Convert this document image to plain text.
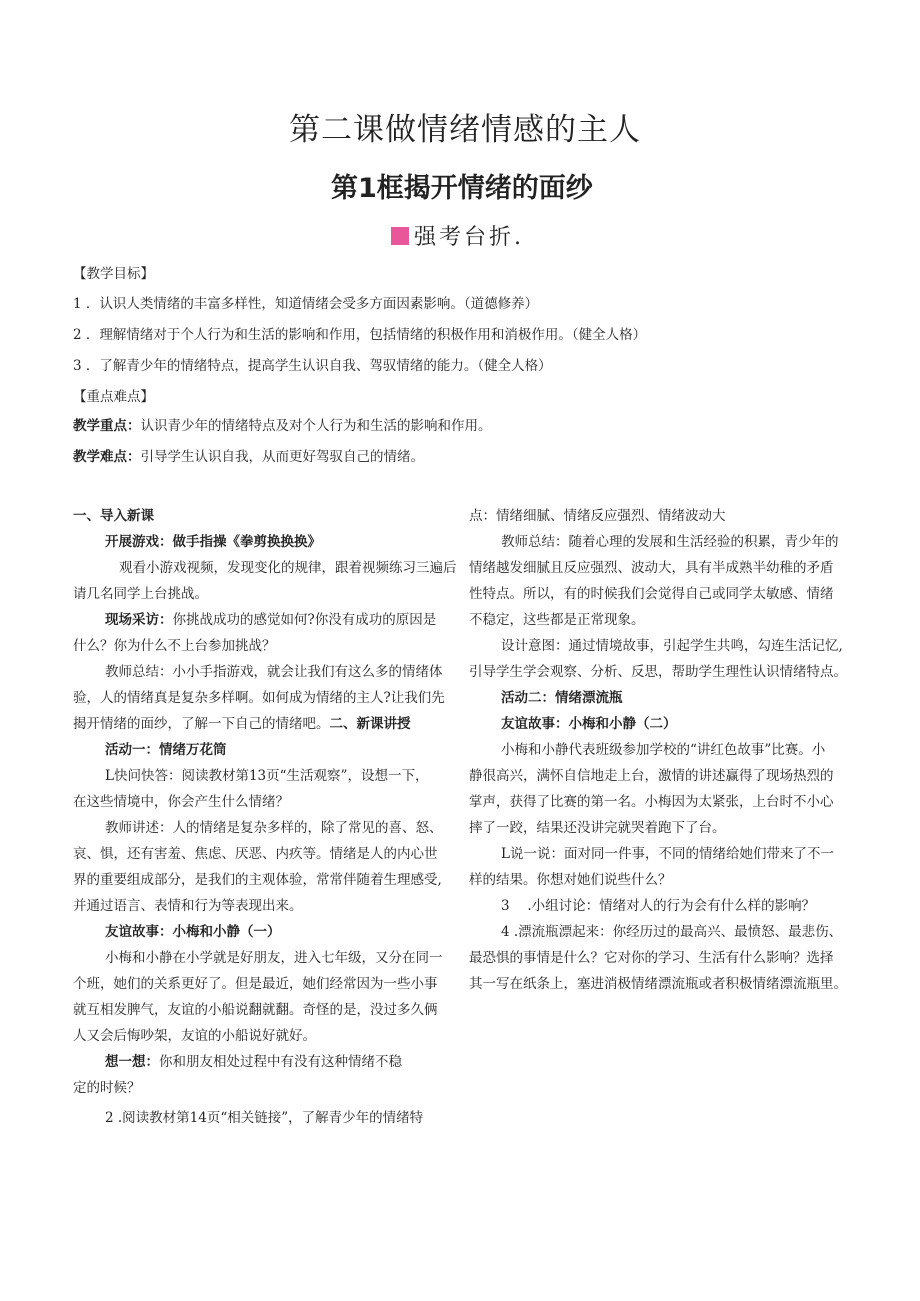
第二课做情绪情感的主人
第1框揭开情绪的面纱
强考台折.
【教学目标】
1 ．认识人类情绪的丰富多样性，知道情绪会受多方面因素影响。（道德修养）
2 ．理解情绪对于个人行为和生活的影响和作用，包括情绪的积极作用和消极作用。（健全人格）
3 ．了解青少年的情绪特点，提高学生认识自我、驾驭情绪的能力。（健全人格）
【重点难点】
教学重点：认识青少年的情绪特点及对个人行为和生活的影响和作用。
教学难点：引导学生认识自我，从而更好驾驭自己的情绪。
一、导入新课
开展游戏：做手指操《拳剪换换换》
观看小游戏视频，发现变化的规律，跟着视频练习三遍后
请几名同学上台挑战。
现场采访：你挑战成功的感觉如何?你没有成功的原因是
什么？你为什么不上台参加挑战？
教师总结：小小手指游戏，就会让我们有这么多的情绪体
验，人的情绪真是复杂多样啊。如何成为情绪的主人?让我们先
揭开情绪的面纱，了解一下自己的情绪吧。二、新课讲授
活动一：情绪万花筒
L快问快答：阅读教材第13页“生活观察”，设想一下，
在这些情境中，你会产生什么情绪？
教师讲述：人的情绪是复杂多样的，除了常见的喜、怒、
哀、惧，还有害羞、焦虑、厌恶、内疚等。情绪是人的内心世
界的重要组成部分，是我们的主观体验，常常伴随着生理感受,
并通过语言、表情和行为等表现出来。
友谊故事：小梅和小静（一）
小梅和小静在小学就是好朋友，进入七年级，又分在同一
个班，她们的关系更好了。但是最近，她们经常因为一些小事
就互相发脾气，友谊的小船说翻就翻。奇怪的是，没过多久俩
人又会后悔吵架，友谊的小船说好就好。
想一想：你和朋友相处过程中有没有这种情绪不稳
定的时候？
2 .阅读教材第14页“相关链接”，了解青少年的情绪特
点：情绪细腻、情绪反应强烈、情绪波动大
教师总结：随着心理的发展和生活经验的积累，青少年的
情绪越发细腻且反应强烈、波动大，具有半成熟半幼稚的矛盾
性特点。所以，有的时候我们会觉得自己或同学太敏感、情绪
不稳定，这些都是正常现象。
设计意图：通过情境故事，引起学生共鸣，勾连生活记忆,
引导学生学会观察、分析、反思，帮助学生理性认识情绪特点。
活动二：情绪漂流瓶
友谊故事：小梅和小静（二）
小梅和小静代表班级参加学校的“讲红色故事”比赛。小
静很高兴，满怀自信地走上台，激情的讲述赢得了现场热烈的
掌声，获得了比赛的第一名。小梅因为太紧张，上台时不小心
摔了一跤，结果还没讲完就哭着跑下了台。
L说一说：面对同一件事，不同的情绪给她们带来了不一
样的结果。你想对她们说些什么？
3　 .小组讨论：情绪对人的行为会有什么样的影响？
4 .漂流瓶漂起来：你经历过的最高兴、最愤怒、最悲伤、
最恐惧的事情是什么？它对你的学习、生活有什么影响？选择
其一写在纸条上，塞进消极情绪漂流瓶或者积极情绪漂流瓶里。
